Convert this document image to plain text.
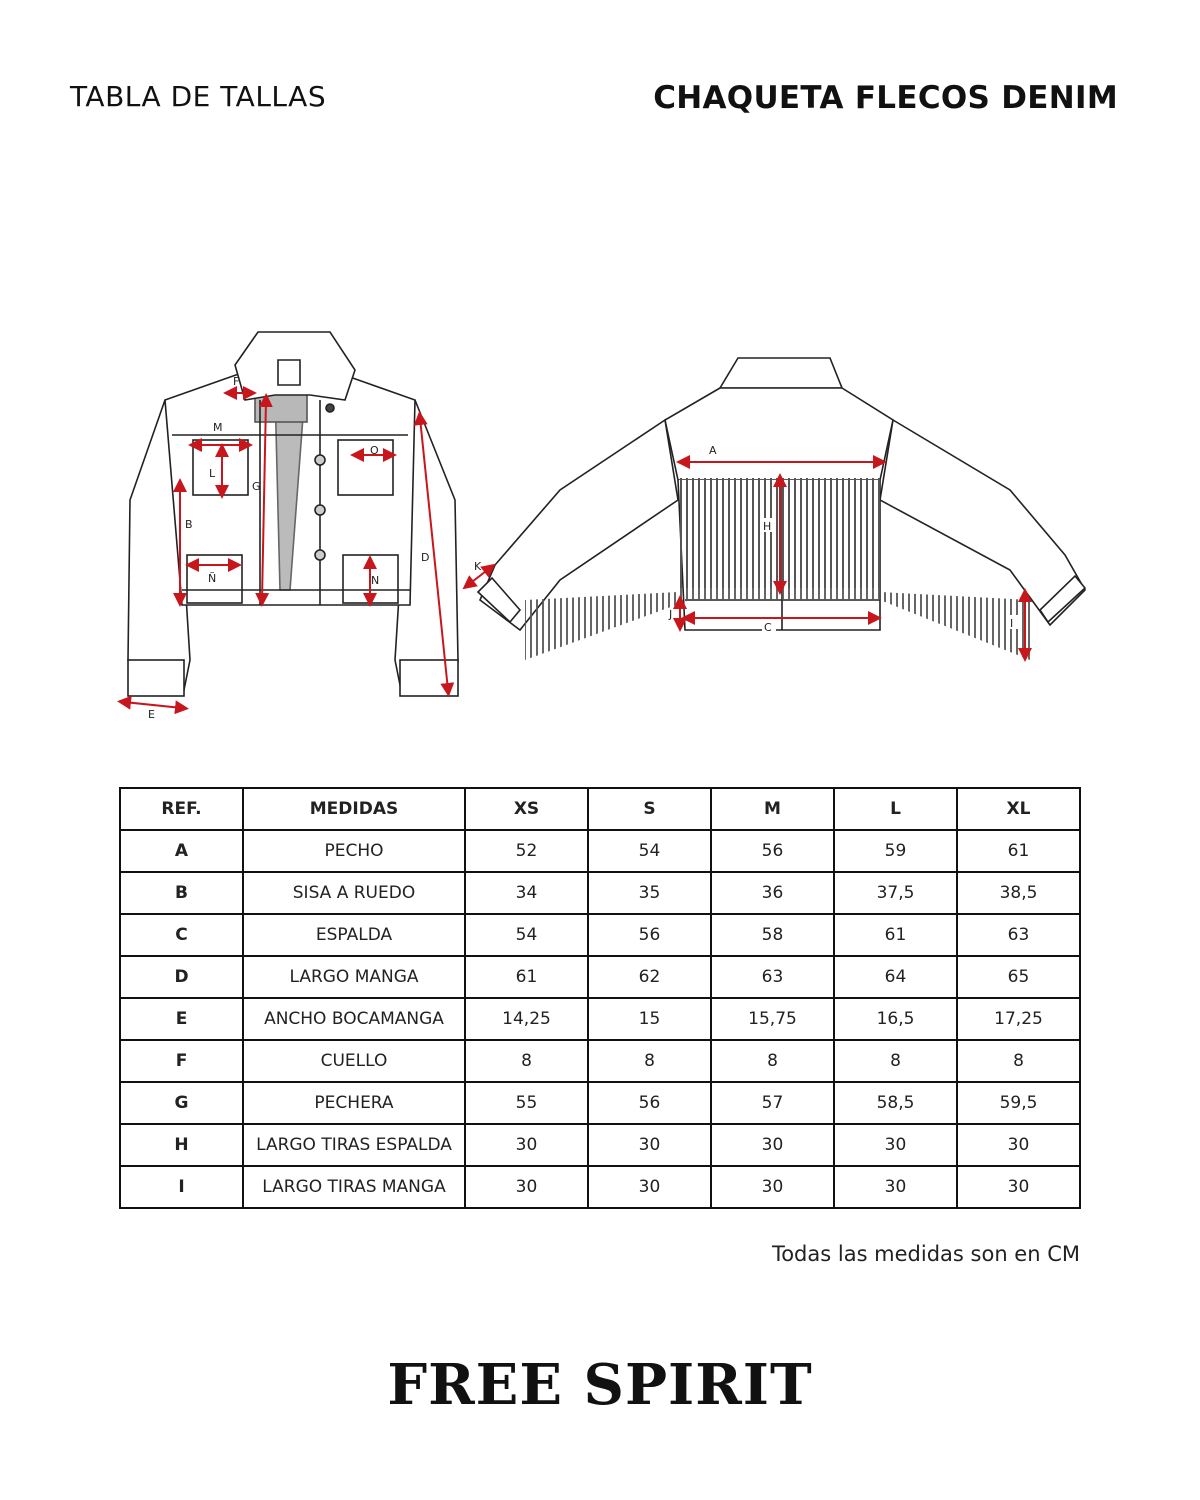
TABLA DE TALLAS	CHAQUETA FLECOS DENIM
F
M
O
L
G
B
D
Ñ	N
E
A
H
K
J
C	I
REF.	MEDIDAS	XS	S	M	L	XL
A	PECHO	52	54	56	59	61
B	SISA A RUEDO	34	35	36	37,5	38,5
C	ESPALDA	54	56	58	61	63
D	LARGO MANGA	61	62	63	64	65
E	ANCHO BOCAMANGA	14,25	15	15,75	16,5	17,25
F	CUELLO	8	8	8	8	8
G	PECHERA	55	56	57	58,5	59,5
H	LARGO TIRAS ESPALDA	30	30	30	30	30
I	LARGO TIRAS MANGA	30	30	30	30	30
Todas las medidas son en CM
FREE SPIRIT
